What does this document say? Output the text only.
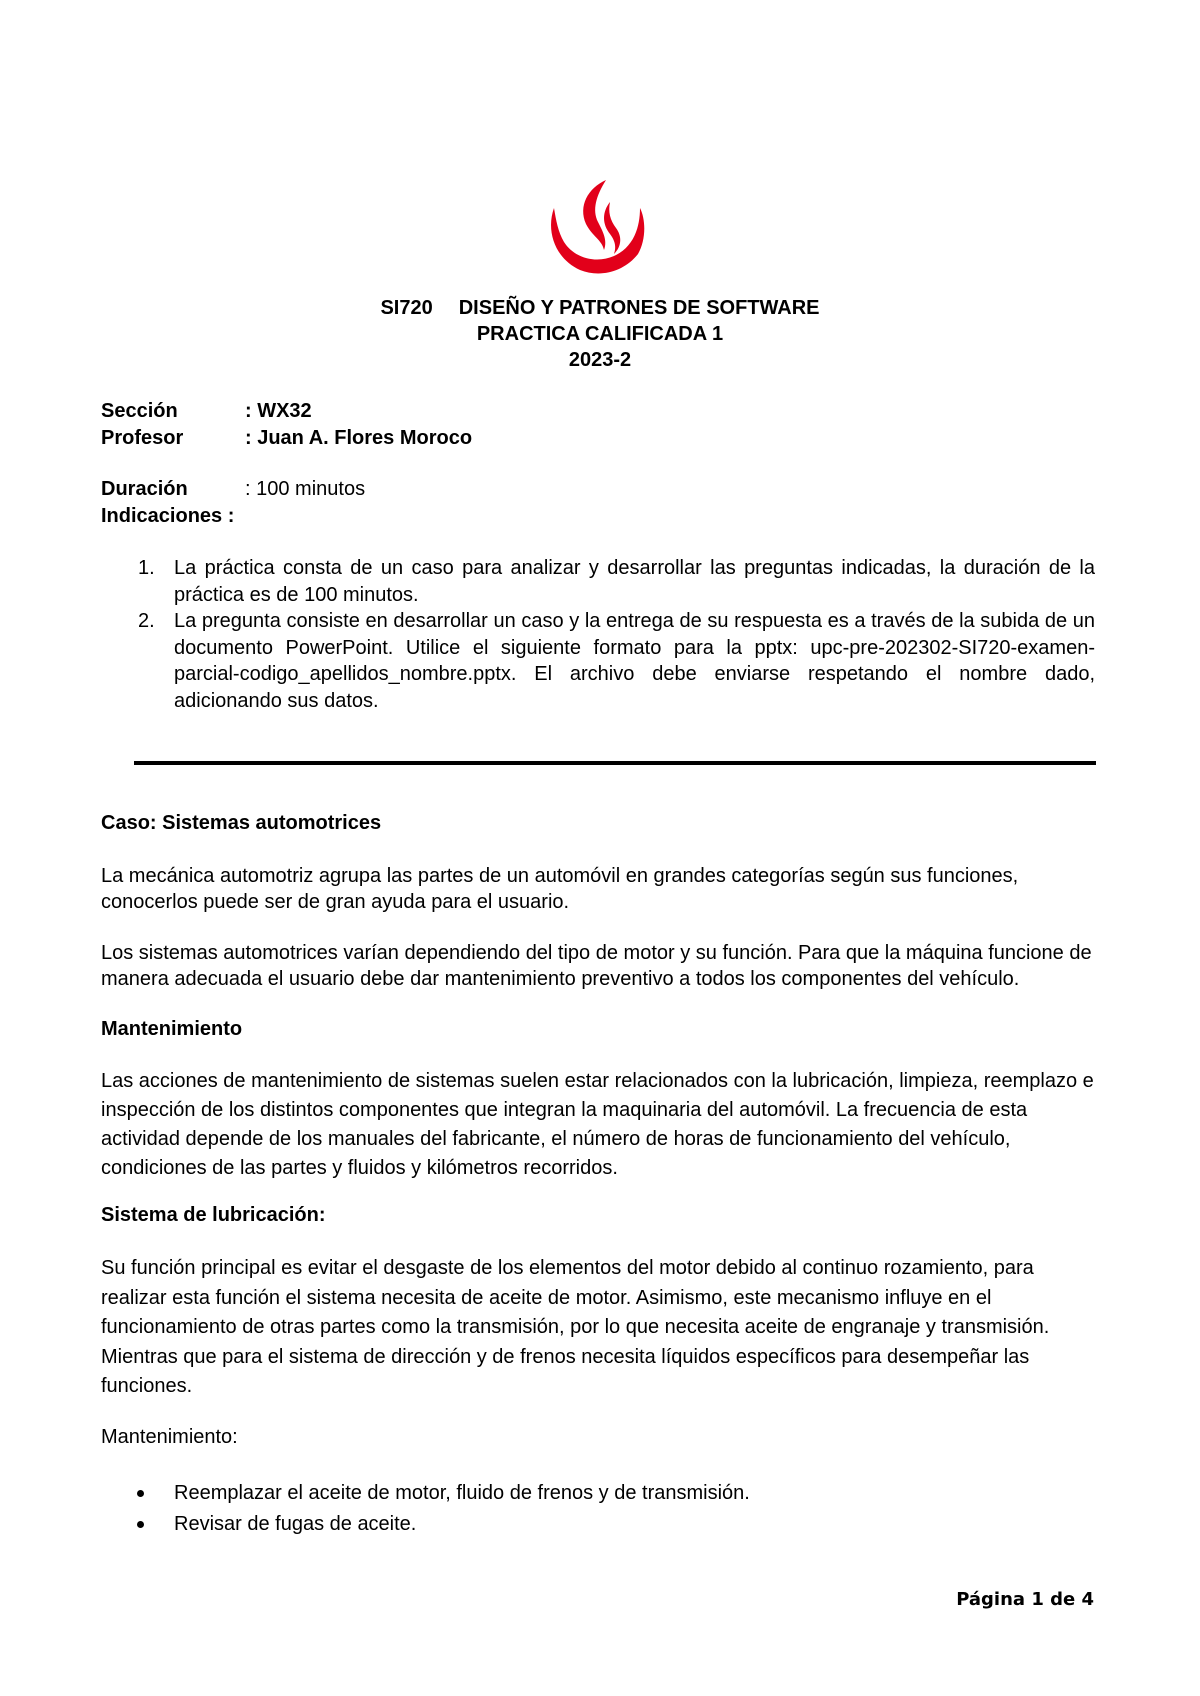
SI720 DISEÑO Y PATRONES DE SOFTWARE
PRACTICA CALIFICADA 1
2023-2
Sección	: WX32
Profesor	: Juan A. Flores Moroco
Duración	: 100 minutos
Indicaciones :
1. La práctica consta de un caso para analizar y desarrollar las preguntas indicadas, la duración de la práctica es de 100 minutos.
2. La pregunta consiste en desarrollar un caso y la entrega de su respuesta es a través de la subida de un documento PowerPoint. Utilice el siguiente formato para la pptx: upc-pre-202302-SI720-examen-parcial-codigo_apellidos_nombre.pptx. El archivo debe enviarse respetando el nombre dado, adicionando sus datos.
Caso: Sistemas automotrices

La mecánica automotriz agrupa las partes de un automóvil en grandes categorías según sus funciones, conocerlos puede ser de gran ayuda para el usuario.

Los sistemas automotrices varían dependiendo del tipo de motor y su función. Para que la máquina funcione de manera adecuada el usuario debe dar mantenimiento preventivo a todos los componentes del vehículo.

Mantenimiento

Las acciones de mantenimiento de sistemas suelen estar relacionados con la lubricación, limpieza, reemplazo e inspección de los distintos componentes que integran la maquinaria del automóvil. La frecuencia de esta actividad depende de los manuales del fabricante, el número de horas de funcionamiento del vehículo, condiciones de las partes y fluidos y kilómetros recorridos.

Sistema de lubricación:

Su función principal es evitar el desgaste de los elementos del motor debido al continuo rozamiento, para realizar esta función el sistema necesita de aceite de motor. Asimismo, este mecanismo influye en el funcionamiento de otras partes como la transmisión, por lo que necesita aceite de engranaje y transmisión. Mientras que para el sistema de dirección y de frenos necesita líquidos específicos para desempeñar las funciones.

Mantenimiento:

Reemplazar el aceite de motor, fluido de frenos y de transmisión.
Revisar de fugas de aceite.
Página 1 de 4
